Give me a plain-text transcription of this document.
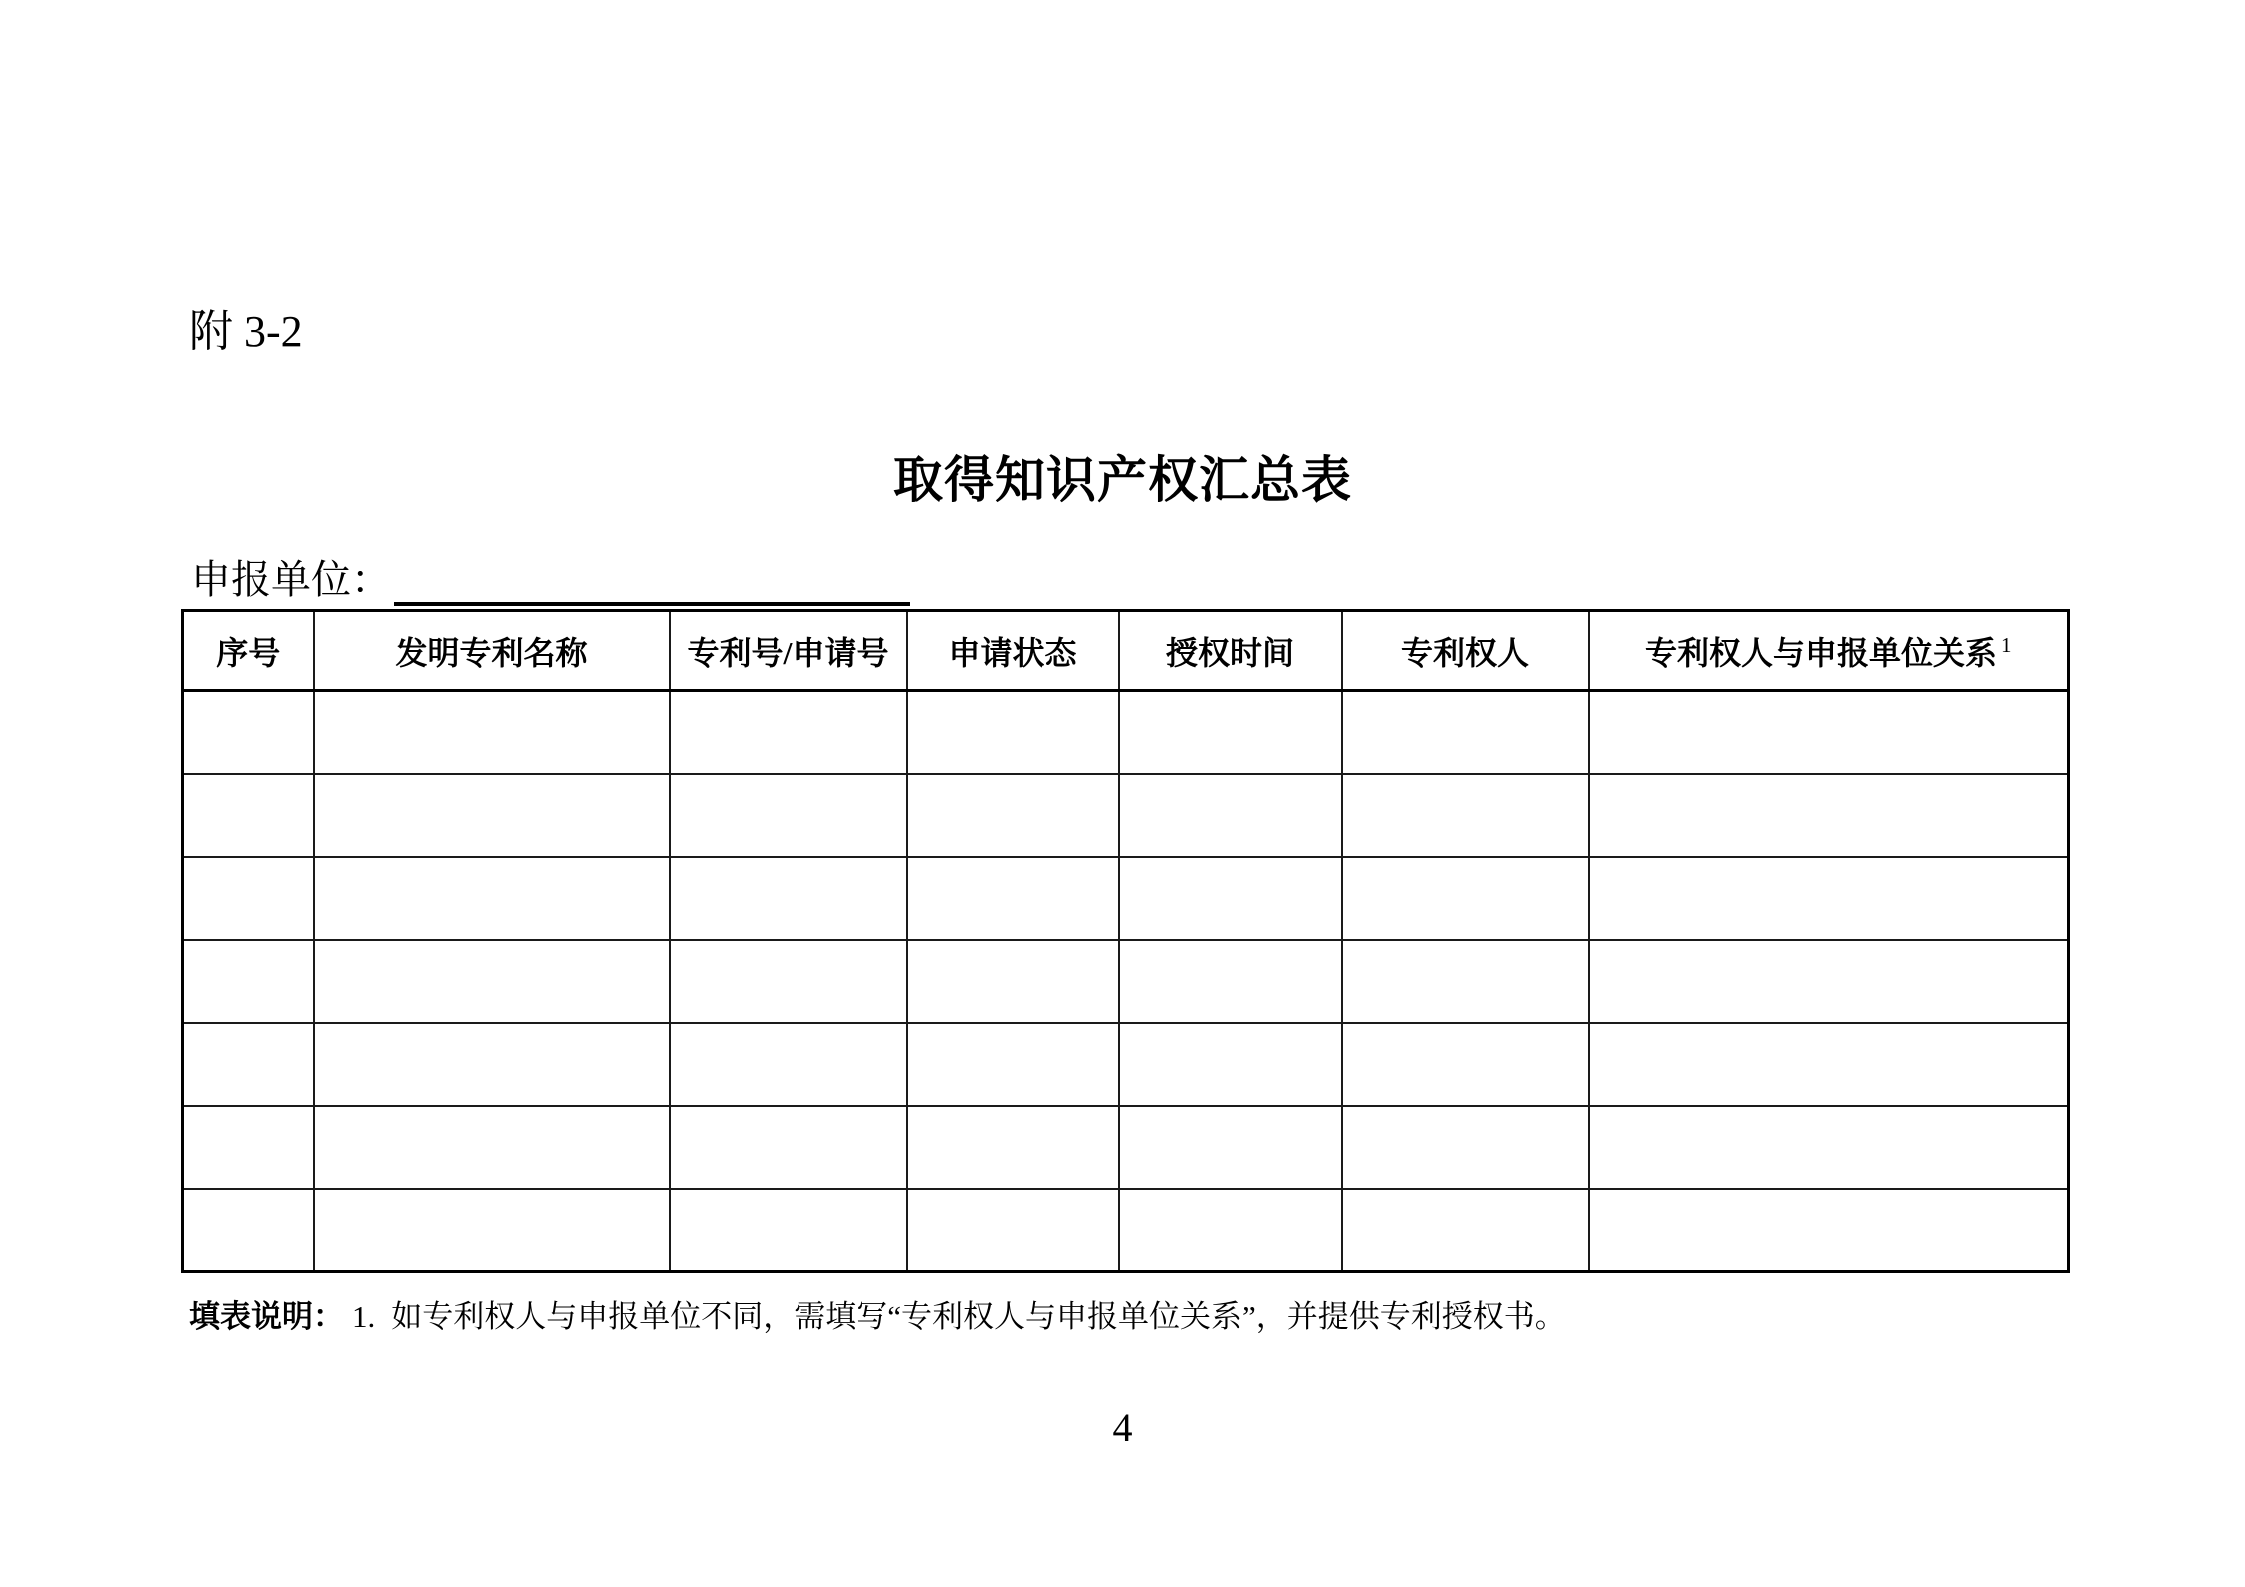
附 3-2
取得知识产权汇总表
申报单位：
序号	发明专利名称	专利号/申请号	申请状态	授权时间	专利权人	专利权人与申报单位关系 $^1$

填表说明： 1. 如专利权人与申报单位不同，需填写“专利权人与申报单位关系”，并提供专利授权书。
4
